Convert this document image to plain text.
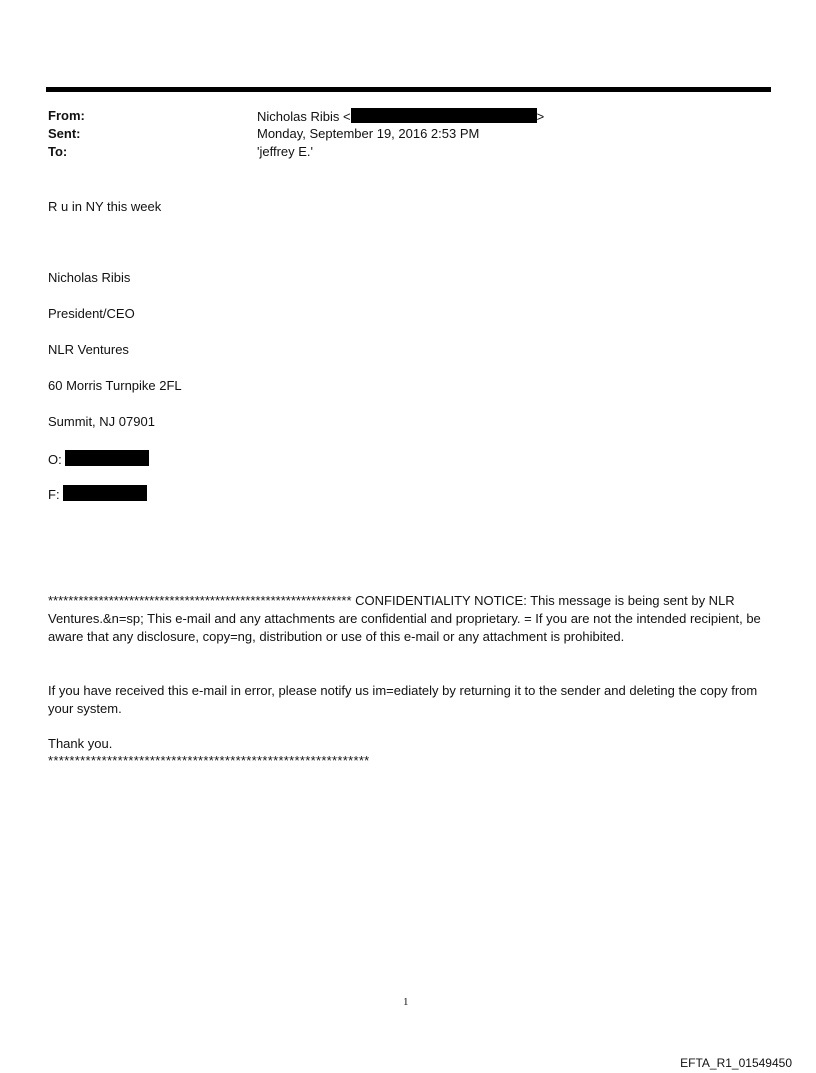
From:
Sent:
To:
Nicholas Ribis <	>
Monday, September 19, 2016 2:53 PM
'jeffrey E.'
R u in NY this week
Nicholas Ribis
President/CEO
NLR Ventures
60 Morris Turnpike 2FL
Summit, NJ 07901
O:
F:
************************************************************ CONFIDENTIALITY NOTICE: This message is being sent by NLR Ventures.&n=sp; This e-mail and any attachments are confidential and proprietary. = If you are not the intended recipient, be aware that any disclosure, copy=ng, distribution or use of this e-mail or any attachment is prohibited.
If you have received this e-mail in error, please notify us im=ediately by returning it to the sender and deleting the copy from your system.
Thank you.
************************************************************
1
EFTA_R1_01549450
